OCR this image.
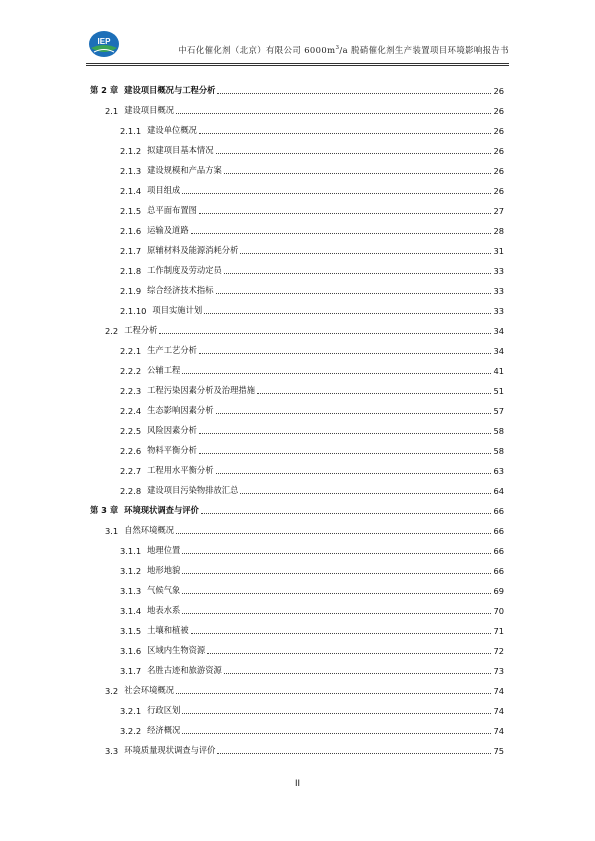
IEP
中石化催化剂（北京）有限公司 $6000m^3/a$ 脱硝催化剂生产装置项目环境影响报告书
第 2 章 建设项目概况与工程分析	26
2.1 建设项目概况	26
2.1.1 建设单位概况	26
2.1.2 拟建项目基本情况	26
2.1.3 建设规模和产品方案	26
2.1.4 项目组成	26
2.1.5 总平面布置图	27
2.1.6 运输及道路	28
2.1.7 原辅材料及能源消耗分析	31
2.1.8 工作制度及劳动定员	33
2.1.9 综合经济技术指标	33
2.1.10 项目实施计划	33
2.2 工程分析	34
2.2.1 生产工艺分析	34
2.2.2 公辅工程	41
2.2.3 工程污染因素分析及治理措施	51
2.2.4 生态影响因素分析	57
2.2.5 风险因素分析	58
2.2.6 物料平衡分析	58
2.2.7 工程用水平衡分析	63
2.2.8 建设项目污染物排放汇总	64
第 3 章 环境现状调查与评价	66
3.1 自然环境概况	66
3.1.1 地理位置	66
3.1.2 地形地貌	66
3.1.3 气候气象	69
3.1.4 地表水系	70
3.1.5 土壤和植被	71
3.1.6 区域内生物资源	72
3.1.7 名胜古迹和旅游资源	73
3.2 社会环境概况	74
3.2.1 行政区划	74
3.2.2 经济概况	74
3.3 环境质量现状调查与评价	75
II
